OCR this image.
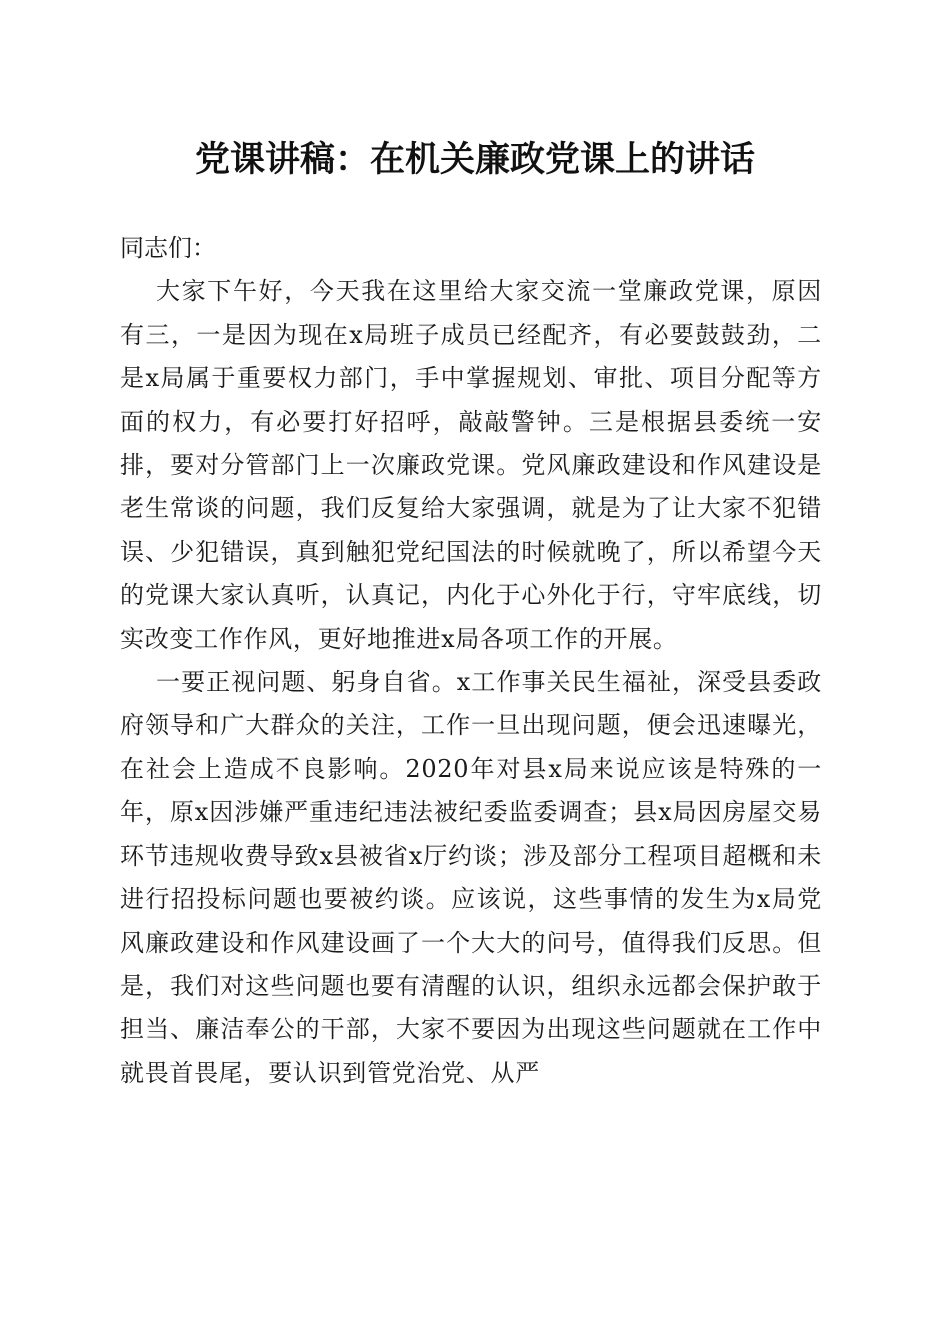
党课讲稿：在机关廉政党课上的讲话

同志们：

大家下午好，今天我在这里给大家交流一堂廉政党课，原因有三，一是因为现在x局班子成员已经配齐，有必要鼓鼓劲，二是x局属于重要权力部门，手中掌握规划、审批、项目分配等方面的权力，有必要打好招呼，敲敲警钟。三是根据县委统一安排，要对分管部门上一次廉政党课。党风廉政建设和作风建设是老生常谈的问题，我们反复给大家强调，就是为了让大家不犯错误、少犯错误，真到触犯党纪国法的时候就晚了，所以希望今天的党课大家认真听，认真记，内化于心外化于行，守牢底线，切实改变工作作风，更好地推进x局各项工作的开展。

一要正视问题、躬身自省。x工作事关民生福祉，深受县委政府领导和广大群众的关注，工作一旦出现问题，便会迅速曝光，在社会上造成不良影响。2020年对县x局来说应该是特殊的一年，原x因涉嫌严重违纪违法被纪委监委调查；县x局因房屋交易环节违规收费导致x县被省x厅约谈；涉及部分工程项目超概和未进行招投标问题也要被约谈。应该说，这些事情的发生为x局党风廉政建设和作风建设画了一个大大的问号，值得我们反思。但是，我们对这些问题也要有清醒的认识，组织永远都会保护敢于担当、廉洁奉公的干部，大家不要因为出现这些问题就在工作中就畏首畏尾，要认识到管党治党、从严
